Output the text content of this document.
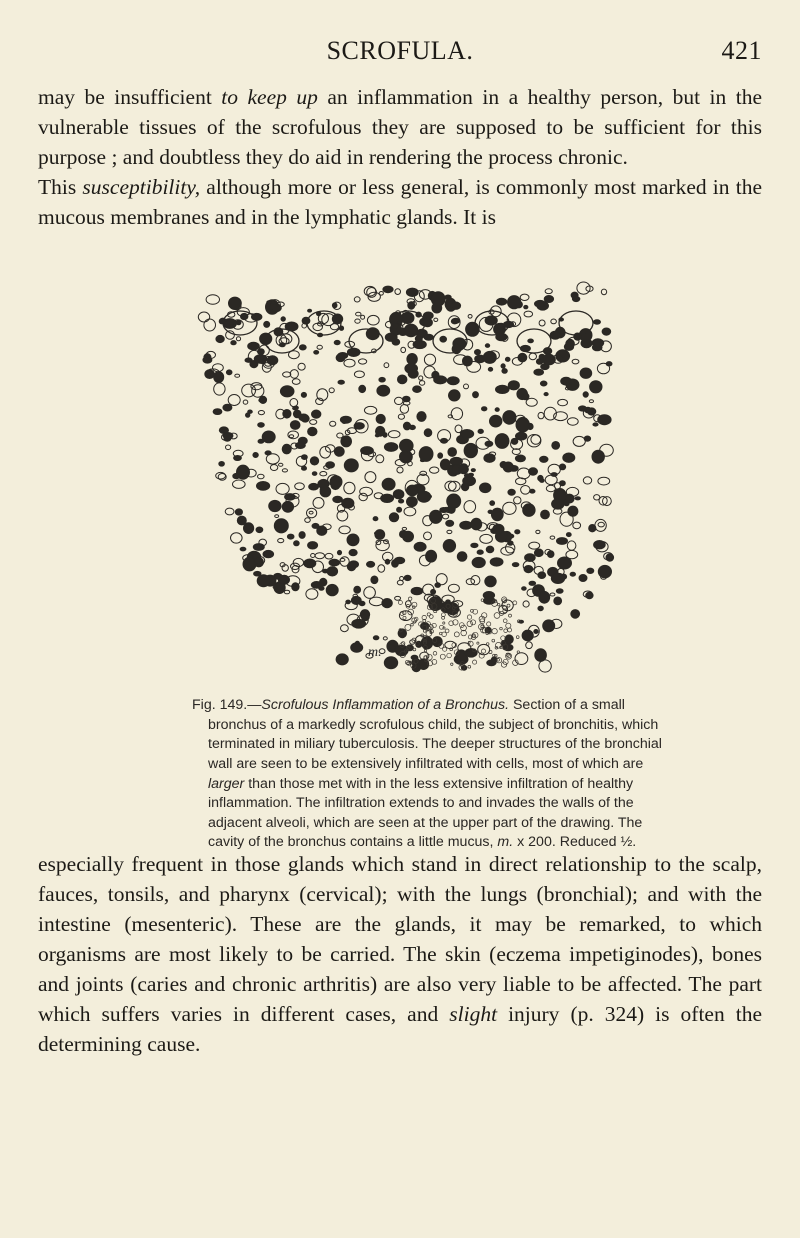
SCROFULA.	421

may be insufficient to keep up an inflammation in a healthy person, but in the vulnerable tissues of the scrofulous they are supposed to be sufficient for this purpose ; and doubtless they do aid in rendering the process chronic.

This susceptibility, although more or less general, is commonly most marked in the mucous membranes and in the lymphatic glands. It is

m.

Fig. 149.—Scrofulous Inflammation of a Bronchus. Section of a small bronchus of a markedly scrofulous child, the subject of bronchitis, which terminated in miliary tuberculosis. The deeper structures of the bronchial wall are seen to be extensively infiltrated with cells, most of which are larger than those met with in the less extensive infiltration of healthy inflammation. The infiltration extends to and invades the walls of the adjacent alveoli, which are seen at the upper part of the drawing. The cavity of the bronchus contains a little mucus, m. x 200. Reduced ½.

especially frequent in those glands which stand in direct relationship to the scalp, fauces, tonsils, and pharynx (cervical); with the lungs (bronchial); and with the intestine (mesenteric). These are the glands, it may be remarked, to which organisms are most likely to be carried. The skin (eczema impetiginodes), bones and joints (caries and chronic arthritis) are also very liable to be affected. The part which suffers varies in different cases, and slight injury (p. 324) is often the determining cause.
